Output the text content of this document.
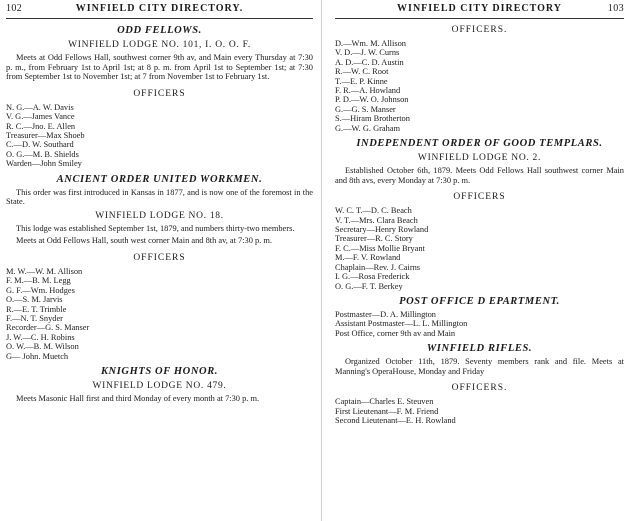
102	WINFIELD CITY DIRECTORY.
ODD FELLOWS.
WINFIELD LODGE NO. 101, I. O. O. F.

Meets at Odd Fellows Hall, southwest corner 9th av, and Main every Thursday at 7:30 p. m., from February 1st to April 1st; at 8 p. m. from April 1st to September 1st; at 7:30 from September 1st to November 1st; at 7 from November 1st to February 1st.

OFFICERS
N. G.—A. W. Davis
V. G.—James Vance
R. C.—Jno. E. Allen
Treasurer—Max Shoeb
C.—D. W. Southard
O. G.—M. B. Shields
Warden—John Smiley
ANCIENT ORDER UNITED WORKMEN.

This order was first introduced in Kansas in 1877, and is now one of the foremost in the State.

WINFIELD LODGE NO. 18.

This lodge was established September 1st, 1879, and numbers thirty-two members.

Meets at Odd Fellows Hall, south west corner Main and 8th av, at 7:30 p. m.

OFFICERS
M. W.—W. M. Allison
F. M.—B. M. Legg
G. F.—Wm. Hodges
O.—S. M. Jarvis
R.—E. T. Trimble
F.—N. T. Snyder
Recorder—G. S. Manser
J. W.—C. H. Robins
O. W.—B. M. Wilson
G— John. Muetch
KNIGHTS OF HONOR.
WINFIELD LODGE NO. 479.

Meets Masonic Hall first and third Monday of every month at 7:30 p. m.

WINFIELD CITY DIRECTORY	103
OFFICERS.
D.—Wm. M. Allison
V. D.—J. W. Curns
A. D.—C. D. Austin
R.—W. C. Root
T.—E. P. Kinne
F. R.—A. Howland
P. D.—W. O. Johnson
G.—G. S. Manser
S.—Hiram Brotherton
G.—W. G. Graham
INDEPENDENT ORDER OF GOOD TEMPLARS.
WINFIELD LODGE NO. 2.

Established October 6th, 1879. Meets Odd Fellows Hall southwest corner Main and 8th avs, every Monday at 7:30 p. m.

OFFICERS
W. C. T.—D. C. Beach
V. T.—Mrs. Clara Beach
Secretary—Henry Rowland
Treasurer—R. C. Story
F. C.—Miss Mollie Bryant
M.—F. V. Rowland
Chaplain—Rev. J. Cairns
I. G.—Rosa Frederick
O. G.—F. T. Berkey
POST OFFICE D EPARTMENT.
Postmaster—D. A. Millington
Assistant Postmaster—L. L. Millington
Post Office, corner 9th av and Main
WINFIELD RIFLES.

Organized October 11th, 1879. Seventy members rank and file. Meets at Manning's OperaHouse, Monday and Friday

OFFICERS.
Captain—Charles E. Steuven
First Lieutenant—F. M. Friend
Second Lieutenant—E. H. Rowland
